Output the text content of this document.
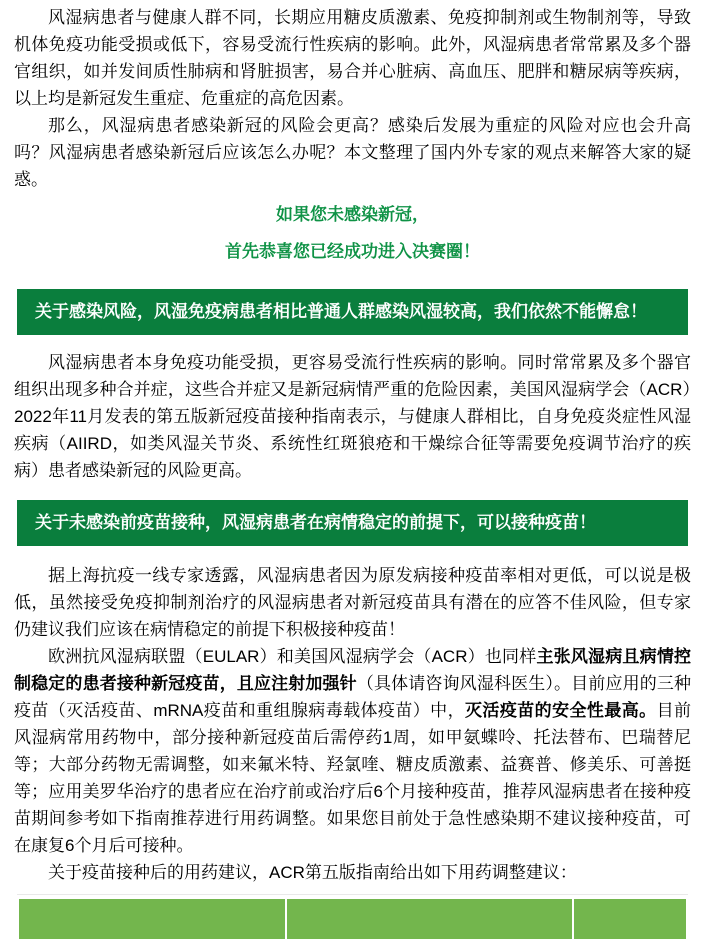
风湿病患者与健康人群不同，长期应用糖皮质激素、免疫抑制剂或生物制剂等，导致机体免疫功能受损或低下，容易受流行性疾病的影响。此外，风湿病患者常常累及多个器官组织，如并发间质性肺病和肾脏损害，易合并心脏病、高血压、肥胖和糖尿病等疾病，以上均是新冠发生重症、危重症的高危因素。

那么，风湿病患者感染新冠的风险会更高？感染后发展为重症的风险对应也会升高吗？风湿病患者感染新冠后应该怎么办呢？本文整理了国内外专家的观点来解答大家的疑惑。

如果您未感染新冠，

首先恭喜您已经成功进入决赛圈！

关于感染风险，风湿免疫病患者相比普通人群感染风湿较高，我们依然不能懈怠！

风湿病患者本身免疫功能受损，更容易受流行性疾病的影响。同时常常累及多个器官组织出现多种合并症，这些合并症又是新冠病情严重的危险因素，美国风湿病学会（ACR）2022年11月发表的第五版新冠疫苗接种指南表示，与健康人群相比，自身免疫炎症性风湿疾病（AIIRD，如类风湿关节炎、系统性红斑狼疮和干燥综合征等需要免疫调节治疗的疾病）患者感染新冠的风险更高。

关于未感染前疫苗接种，风湿病患者在病情稳定的前提下，可以接种疫苗！

据上海抗疫一线专家透露，风湿病患者因为原发病接种疫苗率相对更低，可以说是极低，虽然接受免疫抑制剂治疗的风湿病患者对新冠疫苗具有潜在的应答不佳风险，但专家仍建议我们应该在病情稳定的前提下积极接种疫苗！

欧洲抗风湿病联盟（EULAR）和美国风湿病学会（ACR）也同样主张风湿病且病情控制稳定的患者接种新冠疫苗，且应注射加强针（具体请咨询风湿科医生）。目前应用的三种疫苗（灭活疫苗、mRNA疫苗和重组腺病毒载体疫苗）中，灭活疫苗的安全性最高。目前风湿病常用药物中，部分接种新冠疫苗后需停药1周，如甲氨蝶呤、托法替布、巴瑞替尼等；大部分药物无需调整，如来氟米特、羟氯喹、糖皮质激素、益赛普、修美乐、可善挺等；应用美罗华治疗的患者应在治疗前或治疗后6个月接种疫苗，推荐风湿病患者在接种疫苗期间参考如下指南推荐进行用药调整。如果您目前处于急性感染期不建议接种疫苗，可在康复6个月后可接种。

关于疫苗接种后的用药建议，ACR第五版指南给出如下用药调整建议：
